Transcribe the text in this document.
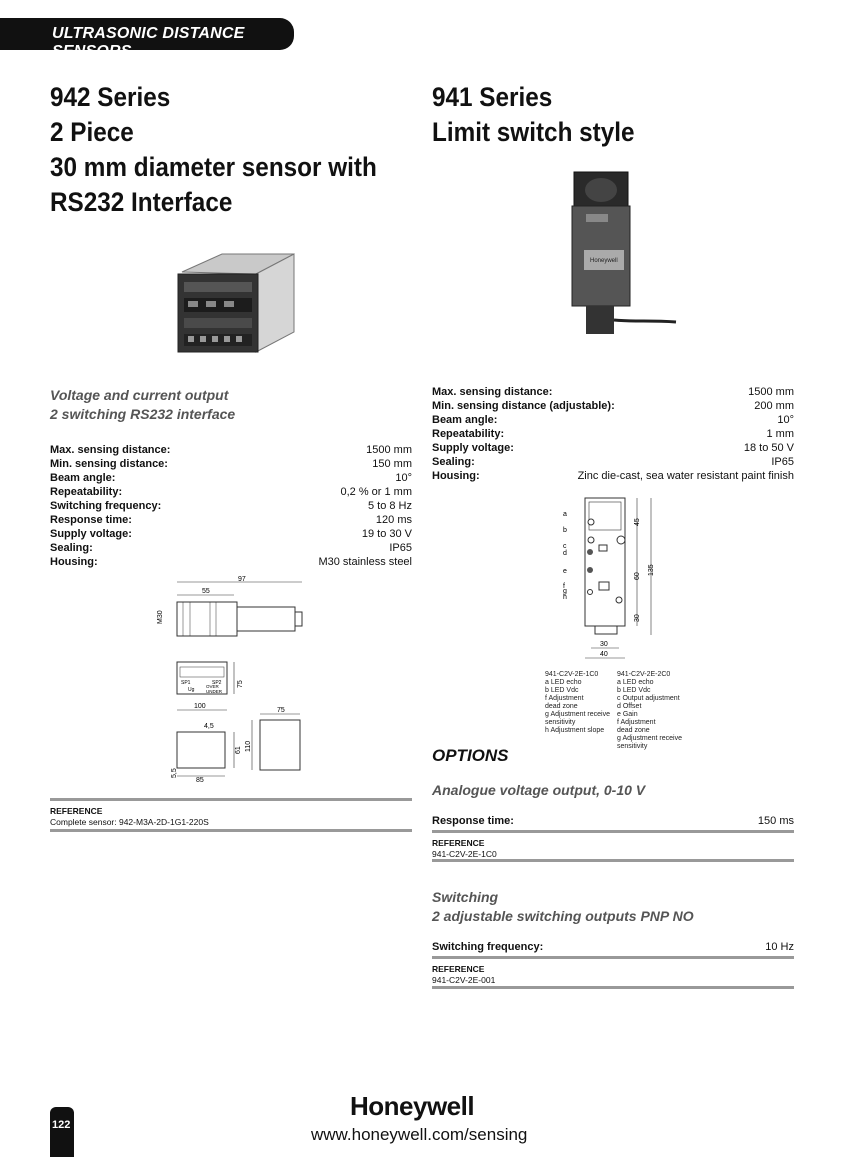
ULTRASONIC DISTANCE SENSORS
942 Series
2 Piece
30 mm diameter sensor with
RS232 Interface
941 Series
Limit switch style
Honeywell
Voltage and current output
2 switching RS232 interface
Max. sensing distance:	1500 mm
Min. sensing distance:	150 mm
Beam angle:	10°
Repeatability:	0,2 % or 1 mm
Switching frequency:	5 to 8 Hz
Response time:	120 ms
Supply voltage:	19 to 30 V
Sealing:	IP65
Housing:	M30 stainless steel
97
55
M30
SP1	SP2
Ug
OVER
UNDER
75
100
75
110
4,5
61
5,5
85
REFERENCE
Complete sensor: 942-M3A-2D-1G1-220S
Max. sensing distance:	1500 mm
Min. sensing distance (adjustable):	200 mm
Beam angle:	10°
Repeatability:	1 mm
Supply voltage:	18 to 50 V
Sealing:	IP65
Housing:	Zinc die-cast, sea water resistant paint finish
a
b
c
d
e
f
g
h
45
60
30
135
30
40
941-C2V-2E-1C0
a LED echo
b LED Vdc
f Adjustment
dead zone
g Adjustment receive
sensitivity
h Adjustment slope
941-C2V-2E-2C0
a LED echo
b LED Vdc
c Output adjustment
d Offset
e Gain
f Adjustment
dead zone
g Adjustment receive
sensitivity
OPTIONS
Analogue voltage output, 0-10 V
Response time:	150 ms
REFERENCE
941-C2V-2E-1C0
Switching
2 adjustable switching outputs PNP NO
Switching frequency:	10 Hz
REFERENCE
941-C2V-2E-001
122
Honeywell
www.honeywell.com/sensing
